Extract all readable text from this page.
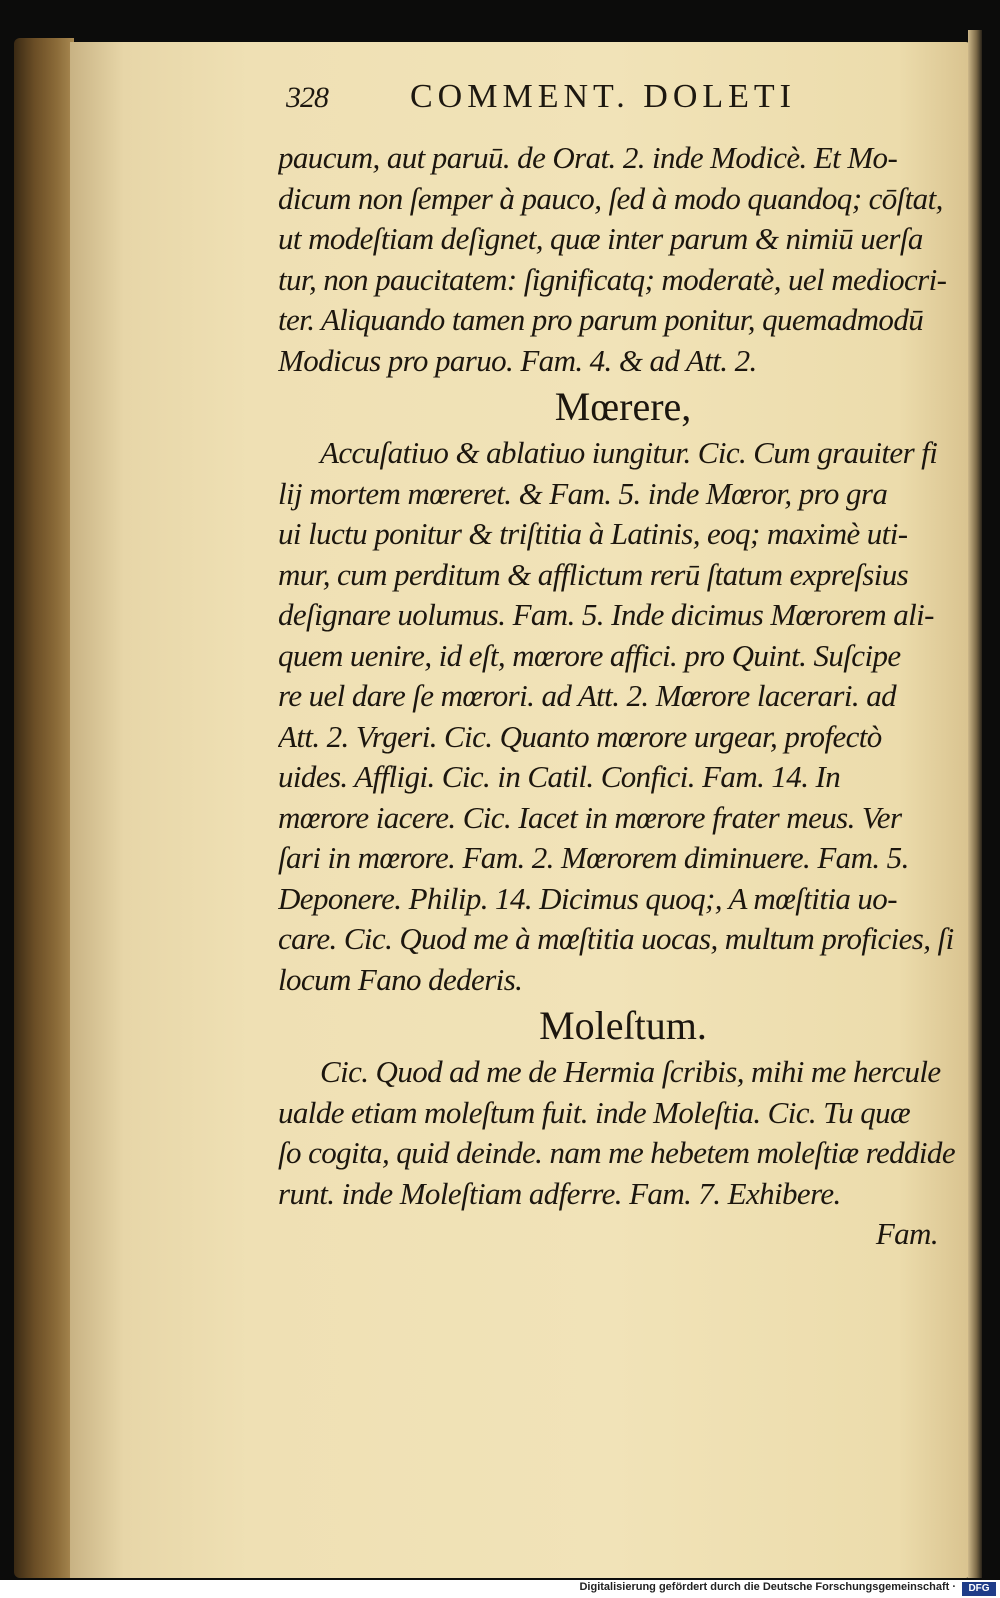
328 COMMENT. DOLETI
paucum, aut paruū. de Orat. 2. inde Modicè. Et Mo-
dicum non ſemper à pauco, ſed à modo quandoq; cōſtat,
ut modeſtiam deſignet, quæ inter parum & nimiū uerſa
tur, non paucitatem: ſignificatq; moderatè, uel mediocri-
ter. Aliquando tamen pro parum ponitur, quemadmodū
Modicus pro paruo. Fam. 4. & ad Att. 2.
Mœrere,
Accuſatiuo & ablatiuo iungitur. Cic. Cum grauiter fi
lij mortem mœreret. & Fam. 5. inde Mœror, pro gra
ui luctu ponitur & triſtitia à Latinis, eoq; maximè uti-
mur, cum perditum & afflictum rerū ſtatum expreſsius
deſignare uolumus. Fam. 5. Inde dicimus Mœrorem ali-
quem uenire, id eſt, mœrore affici. pro Quint. Suſcipe
re uel dare ſe mœrori. ad Att. 2. Mœrore lacerari. ad
Att. 2. Vrgeri. Cic. Quanto mœrore urgear, profectò
uides. Affligi. Cic. in Catil. Confici. Fam. 14. In
mœrore iacere. Cic. Iacet in mœrore frater meus. Ver
ſari in mœrore. Fam. 2. Mœrorem diminuere. Fam. 5.
Deponere. Philip. 14. Dicimus quoq;, A mœſtitia uo-
care. Cic. Quod me à mœſtitia uocas, multum proficies, ſi
locum Fano dederis.
Moleſtum.
Cic. Quod ad me de Hermia ſcribis, mihi me hercule
ualde etiam moleſtum fuit. inde Moleſtia. Cic. Tu quæ
ſo cogita, quid deinde. nam me hebetem moleſtiæ reddide
runt. inde Moleſtiam adferre. Fam. 7. Exhibere.
Fam.
Digitalisierung gefördert durch die Deutsche Forschungsgemeinschaft ·	DFG
